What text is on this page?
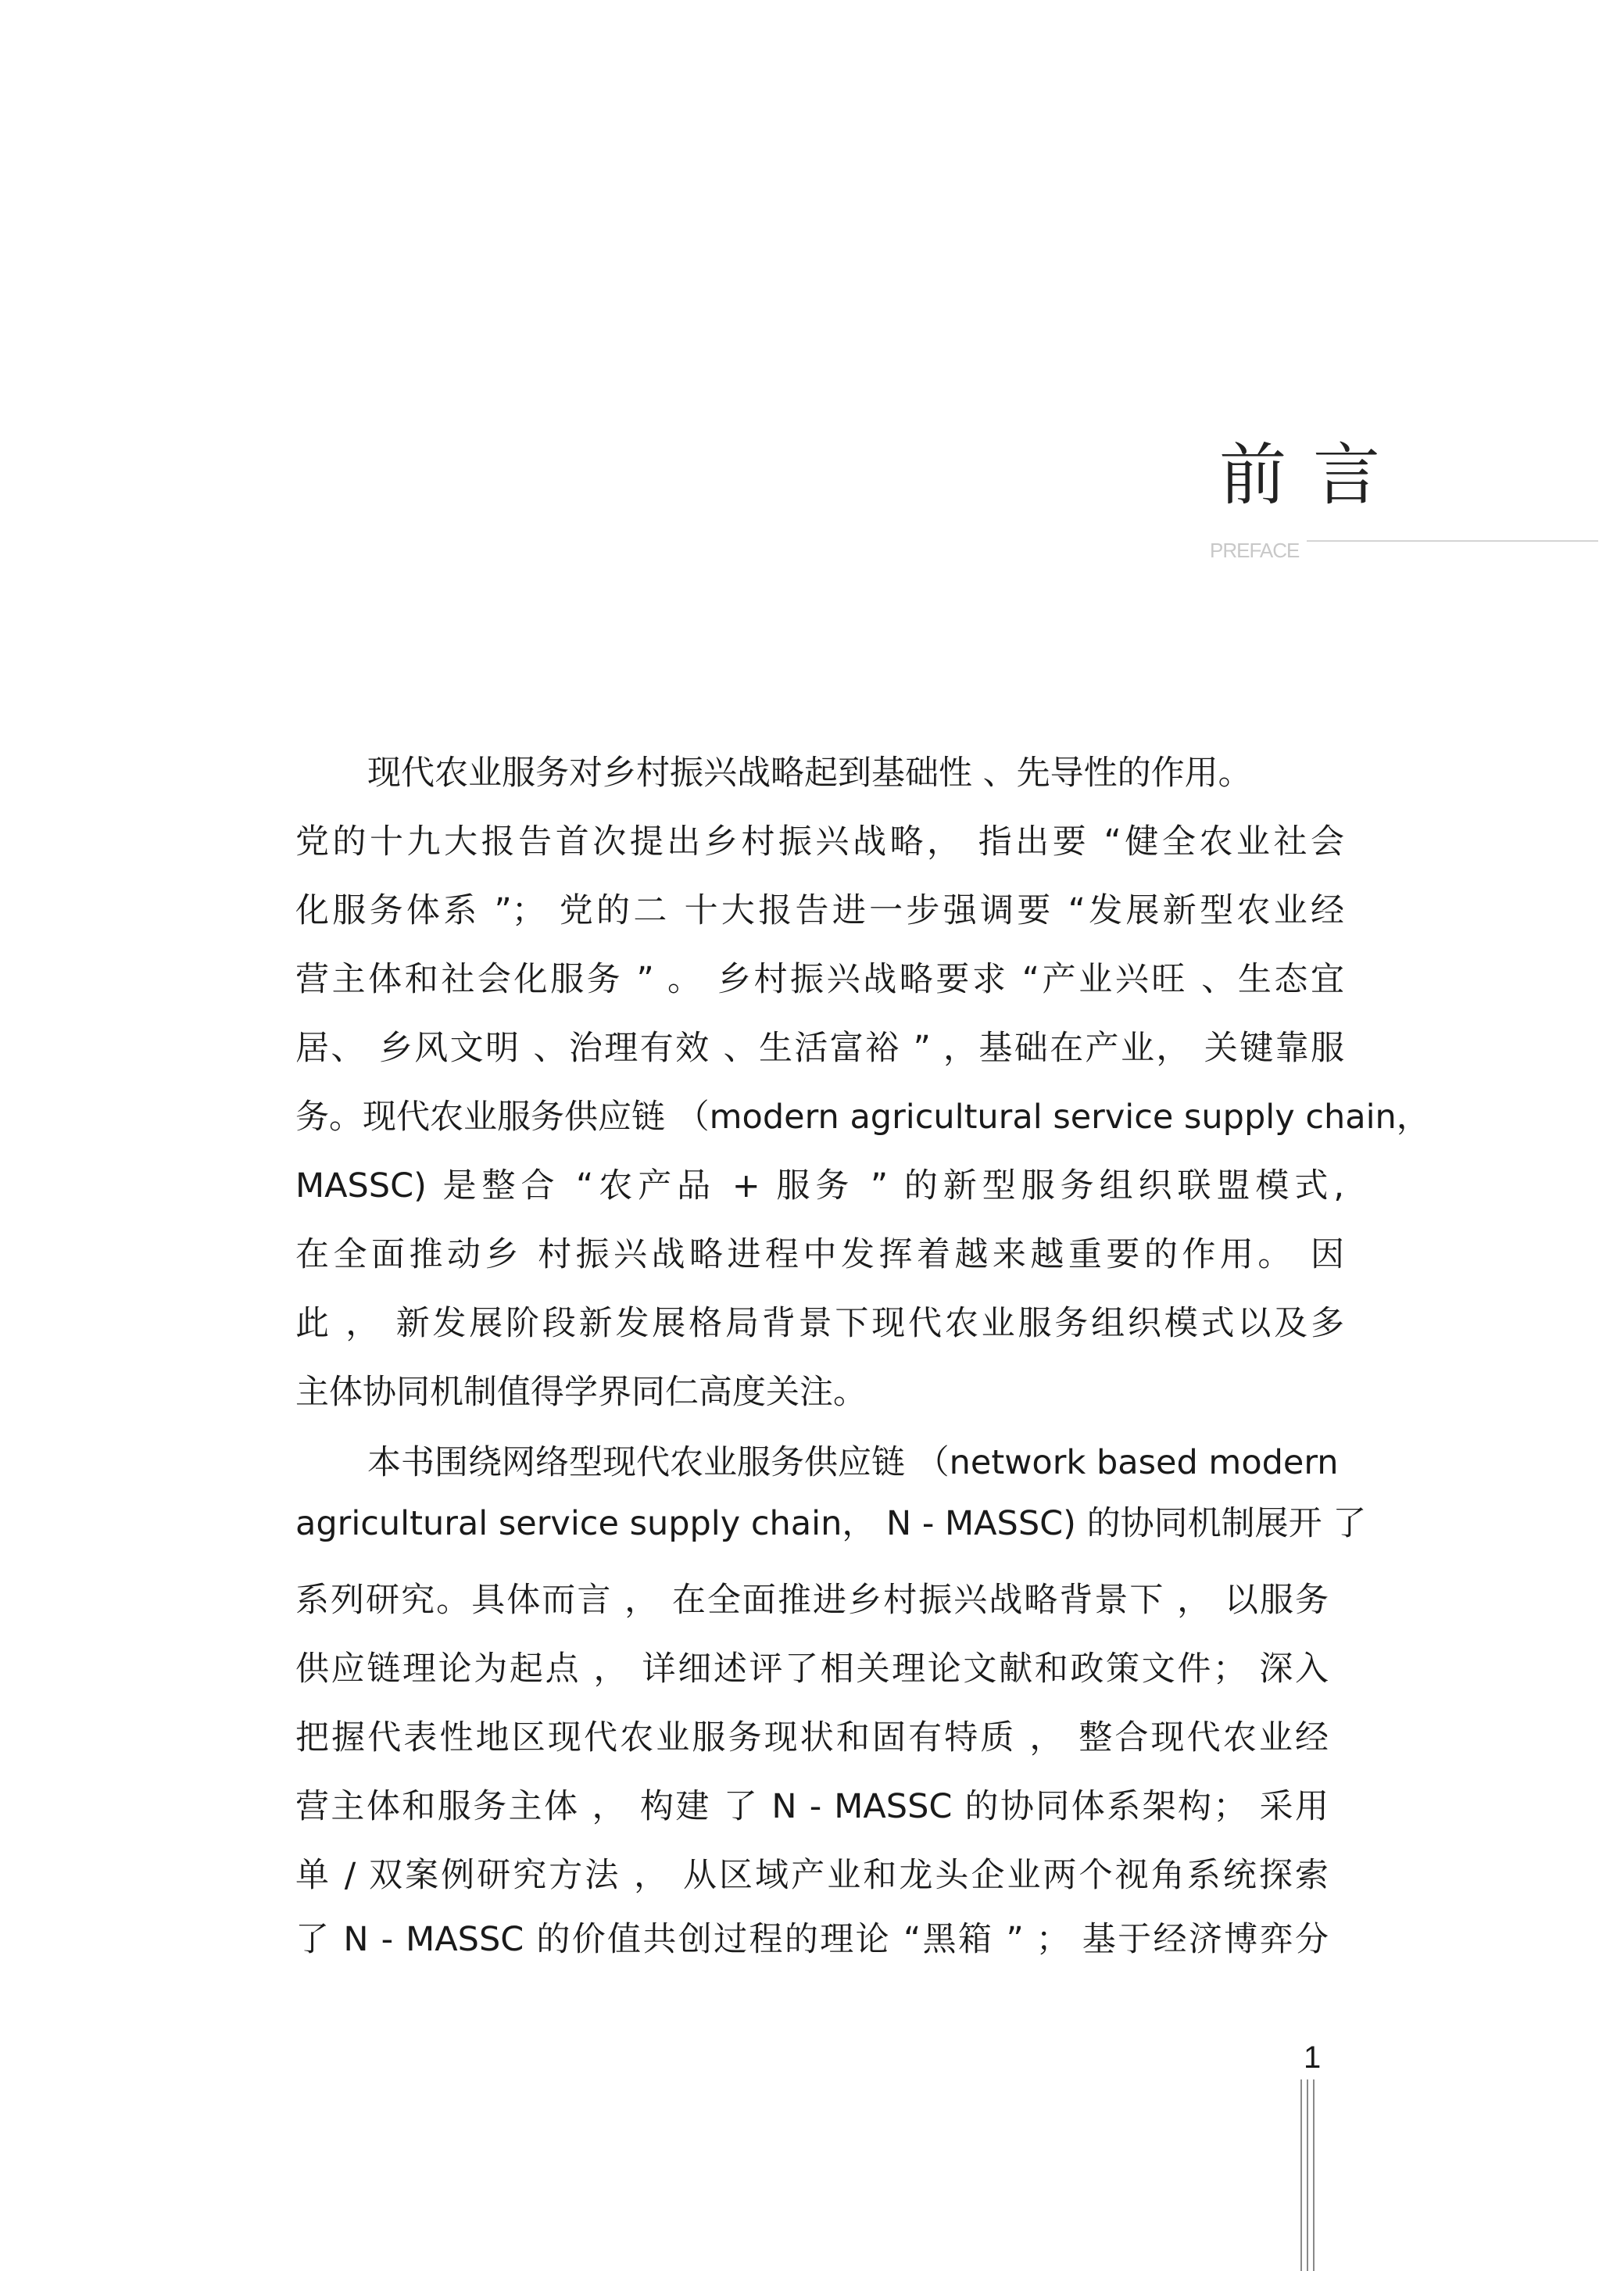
前言
PREFACE
现代农业服务对乡村振兴战略起到基础性 、先导性的作用。
党的十九大报告首次提出乡村振兴战略， 指出要 “健全农业社会
化服务体系 ”； 党的二 十大报告进一步强调要 “发展新型农业经
营主体和社会化服务 ” 。 乡村振兴战略要求 “产业兴旺 、生态宜
居、 乡风文明 、治理有效 、生活富裕 ” ，基础在产业， 关键靠服
务。现代农业服务供应链 （modern agricultural service supply chain，
MASSC) 是整合 “农产品 + 服务 ” 的新型服务组织联盟模式,
在全面推动乡 村振兴战略进程中发挥着越来越重要的作用。 因
此 ， 新发展阶段新发展格局背景下现代农业服务组织模式以及多
主体协同机制值得学界同仁高度关注。
本书围绕网络型现代农业服务供应链 （network based modern
agricultural service supply chain， N - MASSC) 的协同机制展开 了
系列研究。具体而言 ， 在全面推进乡村振兴战略背景下 ， 以服务
供应链理论为起点 ， 详细述评了相关理论文献和政策文件； 深入
把握代表性地区现代农业服务现状和固有特质 ， 整合现代农业经
营主体和服务主体 ， 构建 了 N - MASSC 的协同体系架构； 采用
单 / 双案例研究方法 ， 从区域产业和龙头企业两个视角系统探索
了 N - MASSC 的价值共创过程的理论 “黑箱 ” ； 基于经济博弈分
1
